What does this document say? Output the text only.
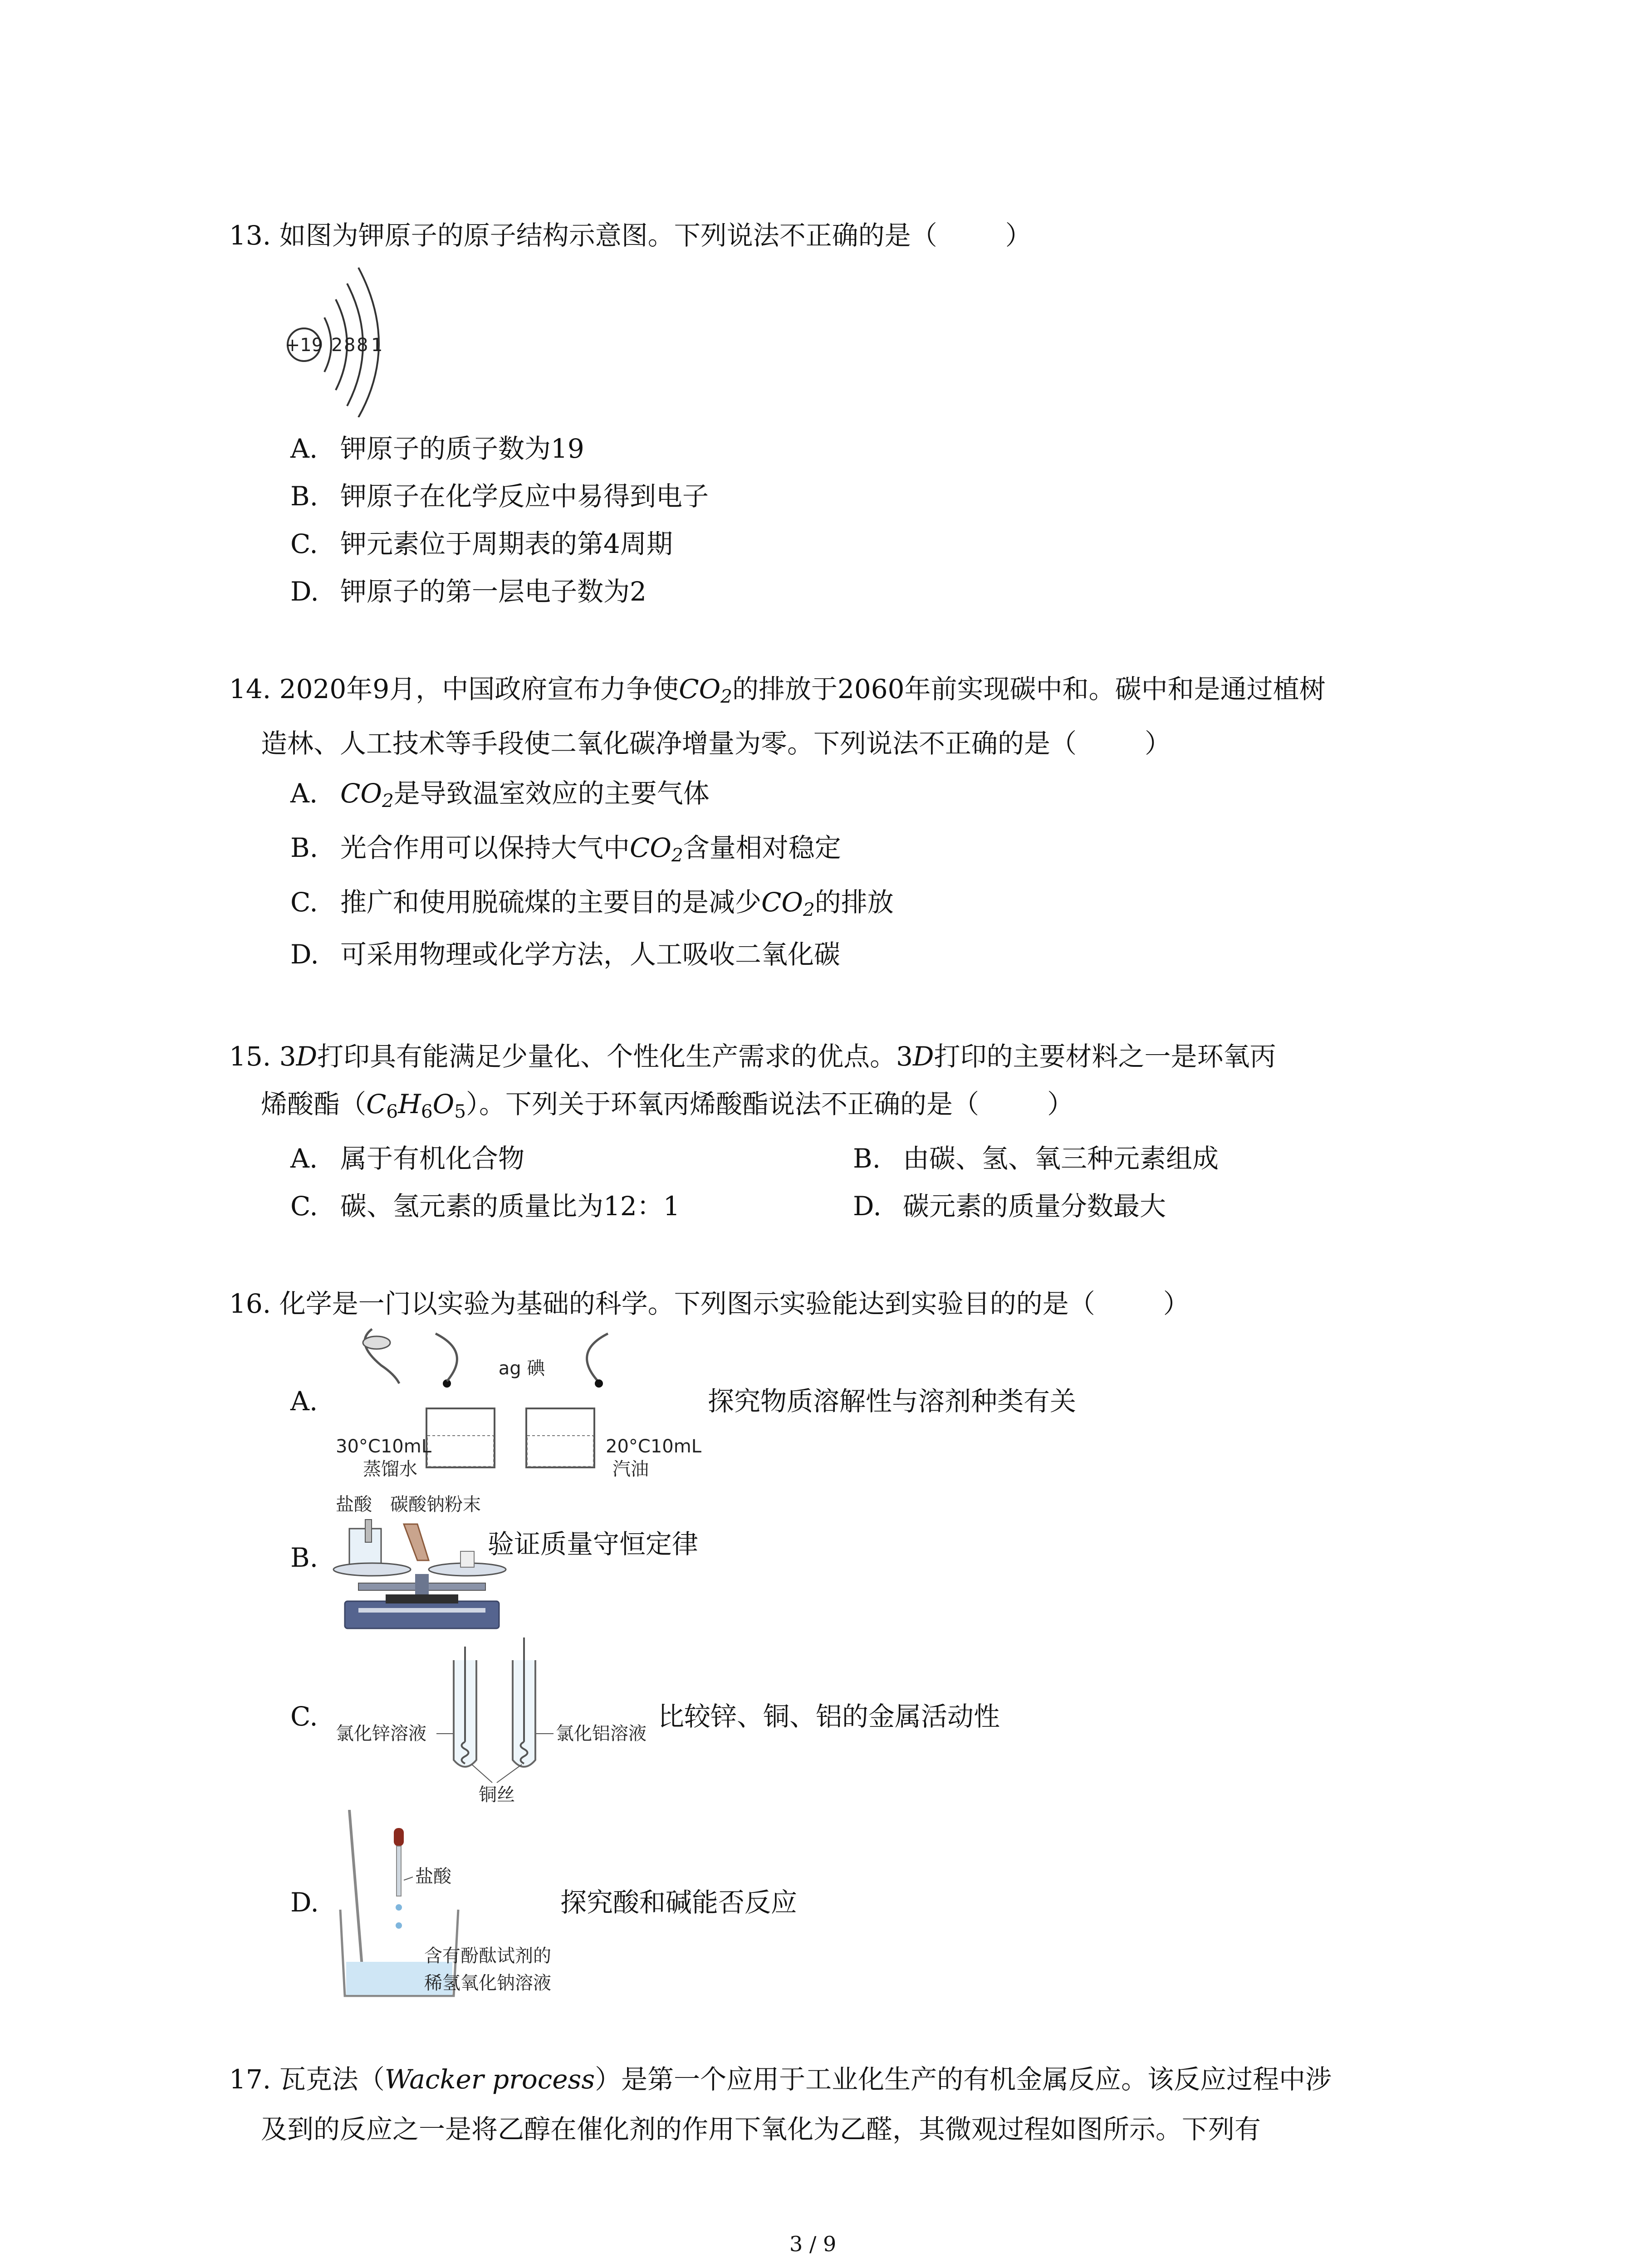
13. 如图为钾原子的原子结构示意图。下列说法不正确的是（	）
+19 2 8 8 1
A. 钾原子的质子数为19
B. 钾原子在化学反应中易得到电子
C. 钾元素位于周期表的第4周期
D. 钾原子的第一层电子数为2
14. 2020年9月，中国政府宣布力争使$CO_2$的排放于2060年前实现碳中和。碳中和是通过植树
造林、人工技术等手段使二氧化碳净增量为零。下列说法不正确的是（	）
A. $CO_2$是导致温室效应的主要气体
B. 光合作用可以保持大气中$CO_2$含量相对稳定
C. 推广和使用脱硫煤的主要目的是减少$CO_2$的排放
D. 可采用物理或化学方法，人工吸收二氧化碳
15. 3D打印具有能满足少量化、个性化生产需求的优点。3D打印的主要材料之一是环氧丙
烯酸酯$(C_6H_6O_5)$。下列关于环氧丙烯酸酯说法不正确的是（	）
A. 属于有机化合物	B. 由碳、氢、氧三种元素组成
C. 碳、氢元素的质量比为12：1	D. 碳元素的质量分数最大
16. 化学是一门以实验为基础的科学。下列图示实验能达到实验目的的是（	）
A.
ag 碘
30°C10mL
蒸馏水
20°C10mL
汽油
探究物质溶解性与溶剂种类有关
B.
盐酸 碳酸钠粉末
验证质量守恒定律
C.
氯化锌溶液	氯化铝溶液
铜丝
比较锌、铜、铝的金属活动性
D.
盐酸
含有酚酞试剂的
稀氢氧化钠溶液
探究酸和碱能否反应
17. 瓦克法（Wacker process）是第一个应用于工业化生产的有机金属反应。该反应过程中涉
及到的反应之一是将乙醇在催化剂的作用下氧化为乙醛，其微观过程如图所示。下列有
3 / 9
